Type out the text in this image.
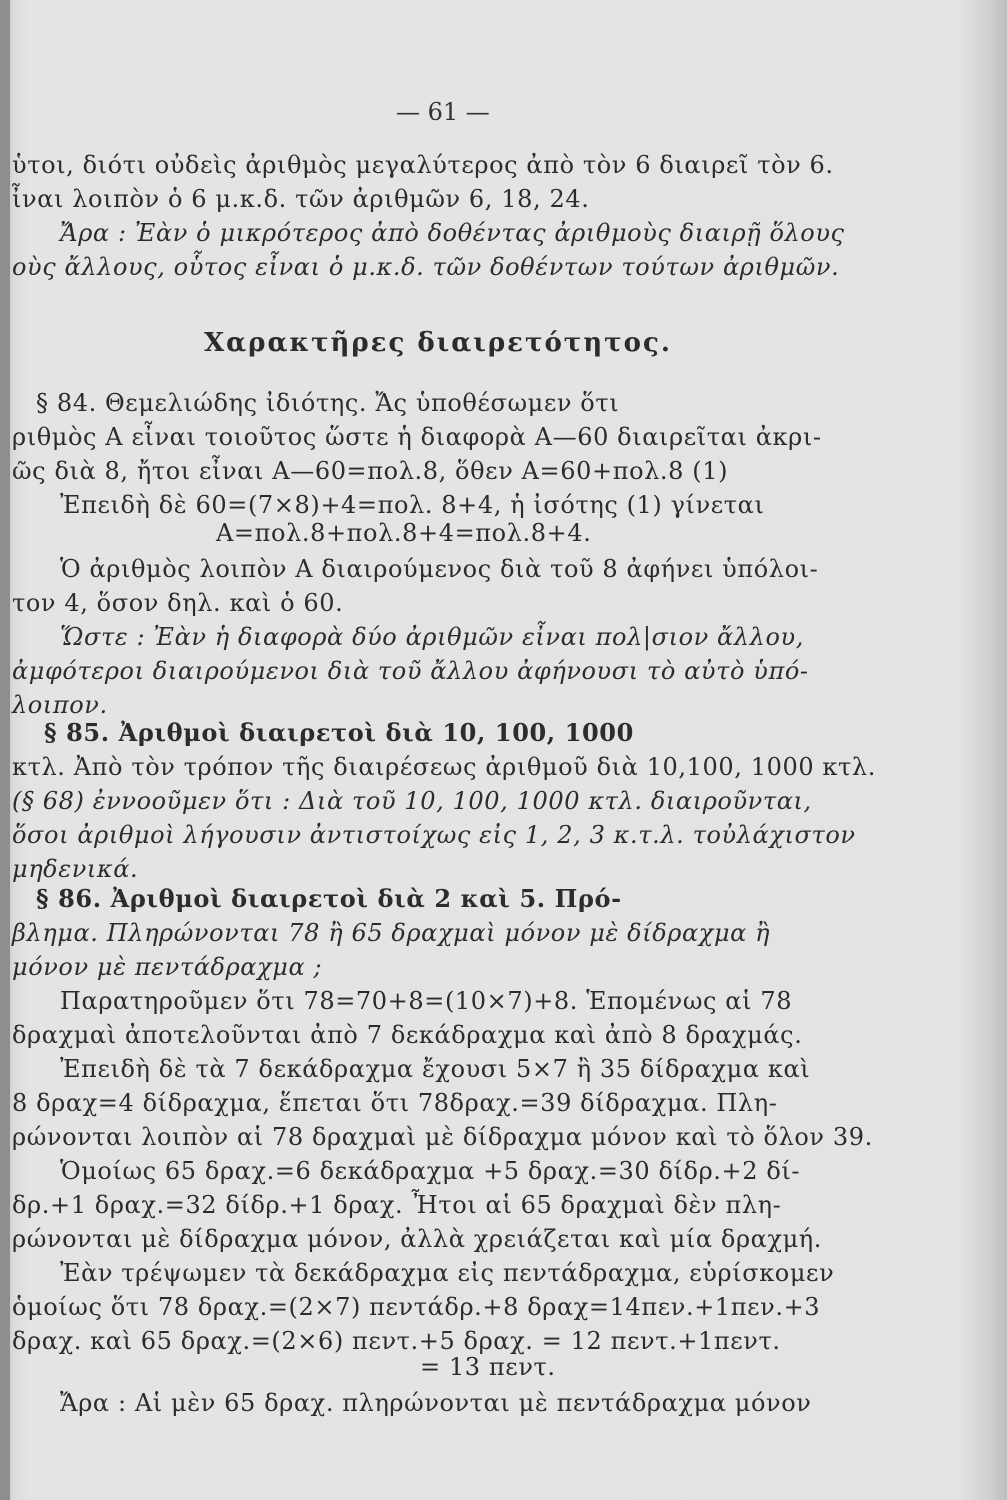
— 61 —
ὑτοι, διότι οὐδεὶς ἀριθμὸς μεγαλύτερος ἀπὸ τὸν 6 διαιρεῖ τὸν 6.
ἶναι λοιπὸν ὁ 6 μ.κ.δ. τῶν ἀριθμῶν 6, 18, 24.
Ἄρα : Ἐὰν ὁ μικρότερος ἀπὸ δοθέντας ἀριθμοὺς διαιρῇ ὅλους
οὺς ἄλλους, οὗτος εἶναι ὁ μ.κ.δ. τῶν δοθέντων τούτων ἀριθμῶν.
Χαρακτῆρες διαιρετότητος.
§ 84. Θεμελιώδης ἰδιότης. Ἄς ὑποθέσωμεν ὅτι
ριθμὸς Α εἶναι τοιοῦτος ὥστε ἡ διαφορὰ Α—60 διαιρεῖται ἀκρι-
ῶς διὰ 8, ἤτοι εἶναι Α—60=πολ.8, ὅθεν Α=60+πολ.8 (1)
Ἐπειδὴ δὲ 60=(7×8)+4=πολ. 8+4, ἡ ἰσότης (1) γίνεται
Α=πολ.8+πολ.8+4=πολ.8+4.
Ὁ ἀριθμὸς λοιπὸν Α διαιρούμενος διὰ τοῦ 8 ἀφήνει ὑπόλοι-
τον 4, ὅσον δηλ. καὶ ὁ 60.
Ὥστε : Ἐὰν ἡ διαφορὰ δύο ἀριθμῶν εἶναι πολ|σιον ἄλλου,
ἀμφότεροι διαιρούμενοι διὰ τοῦ ἄλλου ἀφήνουσι τὸ αὐτὸ ὑπό-
λοιπον.
§ 85. Ἀριθμοὶ διαιρετοὶ διὰ 10, 100, 1000
κτλ. Ἀπὸ τὸν τρόπον τῆς διαιρέσεως ἀριθμοῦ διὰ 10,100, 1000 κτλ.
(§ 68) ἐννοοῦμεν ὅτι : Διὰ τοῦ 10, 100, 1000 κτλ. διαιροῦνται,
ὅσοι ἀριθμοὶ λήγουσιν ἀντιστοίχως εἰς 1, 2, 3 κ.τ.λ. τοὐλάχιστον
μηδενικά.
§ 86. Ἀριθμοὶ διαιρετοὶ διὰ 2 καὶ 5. Πρό-
βλημα. Πληρώνονται 78 ἢ 65 δραχμαὶ μόνον μὲ δίδραχμα ἢ
μόνον μὲ πεντάδραχμα ;
Παρατηροῦμεν ὅτι 78=70+8=(10×7)+8. Ἑπομένως αἱ 78
δραχμαὶ ἀποτελοῦνται ἀπὸ 7 δεκάδραχμα καὶ ἀπὸ 8 δραχμάς.
Ἐπειδὴ δὲ τὰ 7 δεκάδραχμα ἔχουσι 5×7 ἢ 35 δίδραχμα καὶ
8 δραχ=4 δίδραχμα, ἕπεται ὅτι 78δραχ.=39 δίδραχμα. Πλη-
ρώνονται λοιπὸν αἱ 78 δραχμαὶ μὲ δίδραχμα μόνον καὶ τὸ ὅλον 39.
Ὁμοίως 65 δραχ.=6 δεκάδραχμα +5 δραχ.=30 δίδρ.+2 δί-
δρ.+1 δραχ.=32 δίδρ.+1 δραχ. Ἦτοι αἱ 65 δραχμαὶ δὲν πλη-
ρώνονται μὲ δίδραχμα μόνον, ἀλλὰ χρειάζεται καὶ μία δραχμή.
Ἐὰν τρέψωμεν τὰ δεκάδραχμα εἰς πεντάδραχμα, εὑρίσκομεν
ὁμοίως ὅτι 78 δραχ.=(2×7) πεντάδρ.+8 δραχ=14πεν.+1πεν.+3
δραχ. καὶ 65 δραχ.=(2×6) πεντ.+5 δραχ. = 12 πεντ.+1πεντ.
= 13 πεντ.
Ἄρα : Αἱ μὲν 65 δραχ. πληρώνονται μὲ πεντάδραχμα μόνον
